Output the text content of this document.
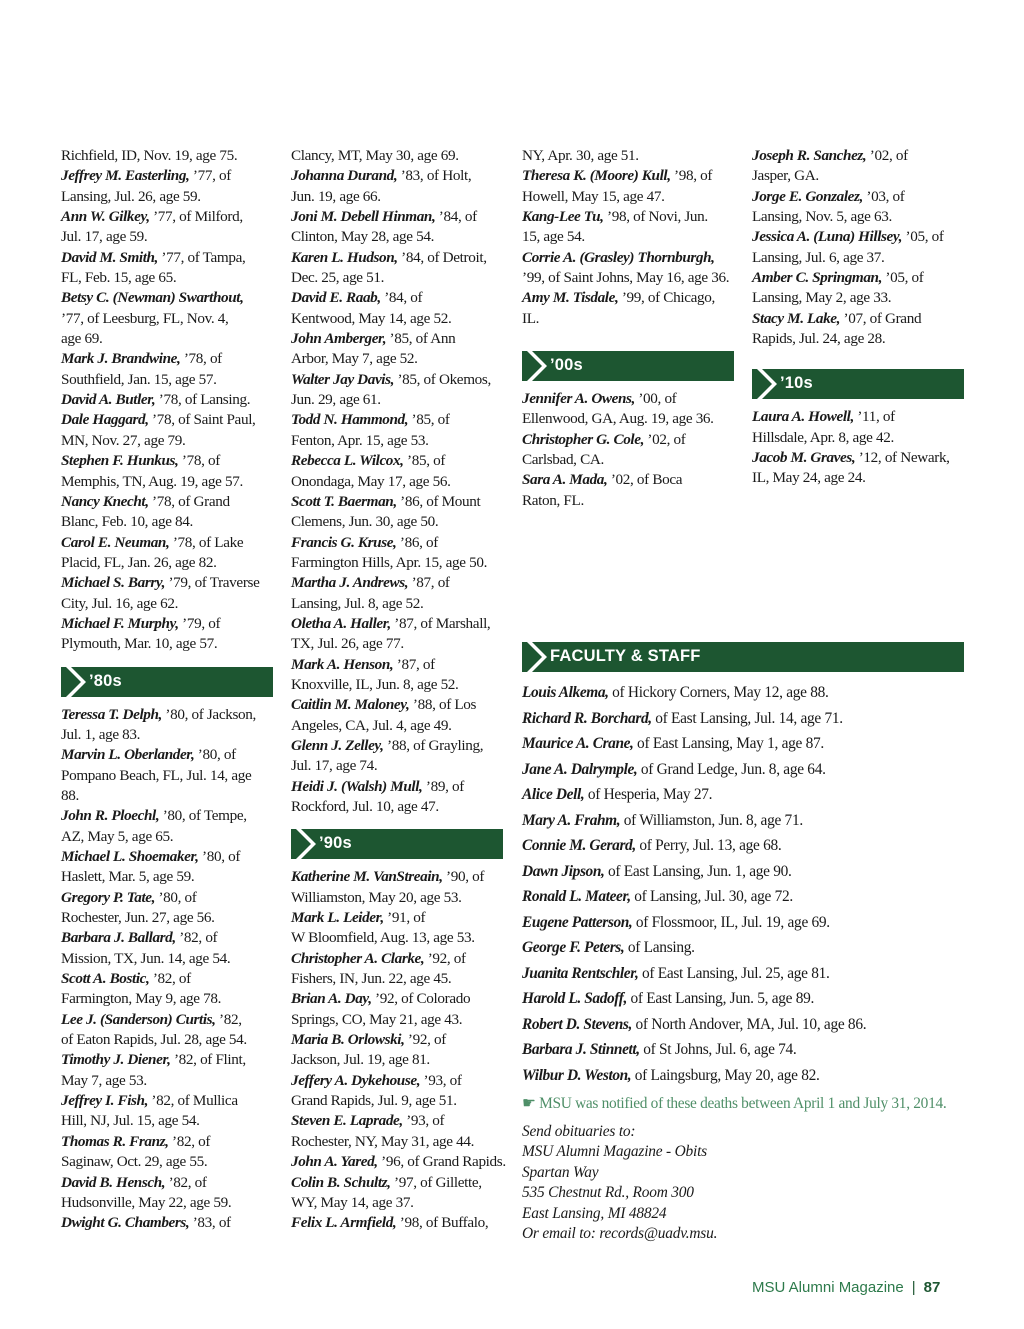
Richfield, ID, Nov. 19, age 75.
Jeffrey M. Easterling, ’77, of
Lansing, Jul. 26, age 59.
Ann W. Gilkey, ’77, of Milford,
Jul. 17, age 59.
David M. Smith, ’77, of Tampa,
FL, Feb. 15, age 65.
Betsy C. (Newman) Swarthout,
’77, of Leesburg, FL, Nov. 4,
age 69.
Mark J. Brandwine, ’78, of
Southfield, Jan. 15, age 57.
David A. Butler, ’78, of Lansing.
Dale Haggard, ’78, of Saint Paul,
MN, Nov. 27, age 79.
Stephen F. Hunkus, ’78, of
Memphis, TN, Aug. 19, age 57.
Nancy Knecht, ’78, of Grand
Blanc, Feb. 10, age 84.
Carol E. Neuman, ’78, of Lake
Placid, FL, Jan. 26, age 82.
Michael S. Barry, ’79, of Traverse
City, Jul. 16, age 62.
Michael F. Murphy, ’79, of
Plymouth, Mar. 10, age 57.
’80s
Teressa T. Delph, ’80, of Jackson,
Jul. 1, age 83.
Marvin L. Oberlander, ’80, of
Pompano Beach, FL, Jul. 14, age
88.
John R. Ploechl, ’80, of Tempe,
AZ, May 5, age 65.
Michael L. Shoemaker, ’80, of
Haslett, Mar. 5, age 59.
Gregory P. Tate, ’80, of
Rochester, Jun. 27, age 56.
Barbara J. Ballard, ’82, of
Mission, TX, Jun. 14, age 54.
Scott A. Bostic, ’82, of
Farmington, May 9, age 78.
Lee J. (Sanderson) Curtis, ’82,
of Eaton Rapids, Jul. 28, age 54.
Timothy J. Diener, ’82, of Flint,
May 7, age 53.
Jeffrey I. Fish, ’82, of Mullica
Hill, NJ, Jul. 15, age 54.
Thomas R. Franz, ’82, of
Saginaw, Oct. 29, age 55.
David B. Hensch, ’82, of
Hudsonville, May 22, age 59.
Dwight G. Chambers, ’83, of
Clancy, MT, May 30, age 69.
Johanna Durand, ’83, of Holt,
Jun. 19, age 66.
Joni M. Debell Hinman, ’84, of
Clinton, May 28, age 54.
Karen L. Hudson, ’84, of Detroit,
Dec. 25, age 51.
David E. Raab, ’84, of
Kentwood, May 14, age 52.
John Amberger, ’85, of Ann
Arbor, May 7, age 52.
Walter Jay Davis, ’85, of Okemos,
Jun. 29, age 61.
Todd N. Hammond, ’85, of
Fenton, Apr. 15, age 53.
Rebecca L. Wilcox, ’85, of
Onondaga, May 17, age 56.
Scott T. Baerman, ’86, of Mount
Clemens, Jun. 30, age 50.
Francis G. Kruse, ’86, of
Farmington Hills, Apr. 15, age 50.
Martha J. Andrews, ’87, of
Lansing, Jul. 8, age 52.
Oletha A. Haller, ’87, of Marshall,
TX, Jul. 26, age 77.
Mark A. Henson, ’87, of
Knoxville, IL, Jun. 8, age 52.
Caitlin M. Maloney, ’88, of Los
Angeles, CA, Jul. 4, age 49.
Glenn J. Zelley, ’88, of Grayling,
Jul. 17, age 74.
Heidi J. (Walsh) Mull, ’89, of
Rockford, Jul. 10, age 47.
’90s
Katherine M. VanStreain, ’90, of
Williamston, May 20, age 53.
Mark L. Leider, ’91, of
W Bloomfield, Aug. 13, age 53.
Christopher A. Clarke, ’92, of
Fishers, IN, Jun. 22, age 45.
Brian A. Day, ’92, of Colorado
Springs, CO, May 21, age 43.
Maria B. Orlowski, ’92, of
Jackson, Jul. 19, age 81.
Jeffery A. Dykehouse, ’93, of
Grand Rapids, Jul. 9, age 51.
Steven E. Laprade, ’93, of
Rochester, NY, May 31, age 44.
John A. Yared, ’96, of Grand Rapids.
Colin B. Schultz, ’97, of Gillette,
WY, May 14, age 37.
Felix L. Armfield, ’98, of Buffalo,
NY, Apr. 30, age 51.
Theresa K. (Moore) Kull, ’98, of
Howell, May 15, age 47.
Kang-Lee Tu, ’98, of Novi, Jun.
15, age 54.
Corrie A. (Grasley) Thornburgh,
’99, of Saint Johns, May 16, age 36.
Amy M. Tisdale, ’99, of Chicago,
IL.
’00s
Jennifer A. Owens, ’00, of
Ellenwood, GA, Aug. 19, age 36.
Christopher G. Cole, ’02, of
Carlsbad, CA.
Sara A. Mada, ’02, of Boca
Raton, FL.
Joseph R. Sanchez, ’02, of
Jasper, GA.
Jorge E. Gonzalez, ’03, of
Lansing, Nov. 5, age 63.
Jessica A. (Luna) Hillsey, ’05, of
Lansing, Jul. 6, age 37.
Amber C. Springman, ’05, of
Lansing, May 2, age 33.
Stacy M. Lake, ’07, of Grand
Rapids, Jul. 24, age 28.
’10s
Laura A. Howell, ’11, of
Hillsdale, Apr. 8, age 42.
Jacob M. Graves, ’12, of Newark,
IL, May 24, age 24.
FACULTY & STAFF
Louis Alkema, of Hickory Corners, May 12, age 88.
Richard R. Borchard, of East Lansing, Jul. 14, age 71.
Maurice A. Crane, of East Lansing, May 1, age 87.
Jane A. Dalrymple, of Grand Ledge, Jun. 8, age 64.
Alice Dell, of Hesperia, May 27.
Mary A. Frahm, of Williamston, Jun. 8, age 71.
Connie M. Gerard, of Perry, Jul. 13, age 68.
Dawn Jipson, of East Lansing, Jun. 1, age 90.
Ronald L. Mateer, of Lansing, Jul. 30, age 72.
Eugene Patterson, of Flossmoor, IL, Jul. 19, age 69.
George F. Peters, of Lansing.
Juanita Rentschler, of East Lansing, Jul. 25, age 81.
Harold L. Sadoff, of East Lansing, Jun. 5, age 89.
Robert D. Stevens, of North Andover, MA, Jul. 10, age 86.
Barbara J. Stinnett, of St Johns, Jul. 6, age 74.
Wilbur D. Weston, of Laingsburg, May 20, age 82.
☛ MSU was notified of these deaths between April 1 and July 31, 2014.
Send obituaries to:
MSU Alumni Magazine - Obits
Spartan Way
535 Chestnut Rd., Room 300
East Lansing, MI 48824
Or email to: records@uadv.msu.
MSU Alumni Magazine | 87
